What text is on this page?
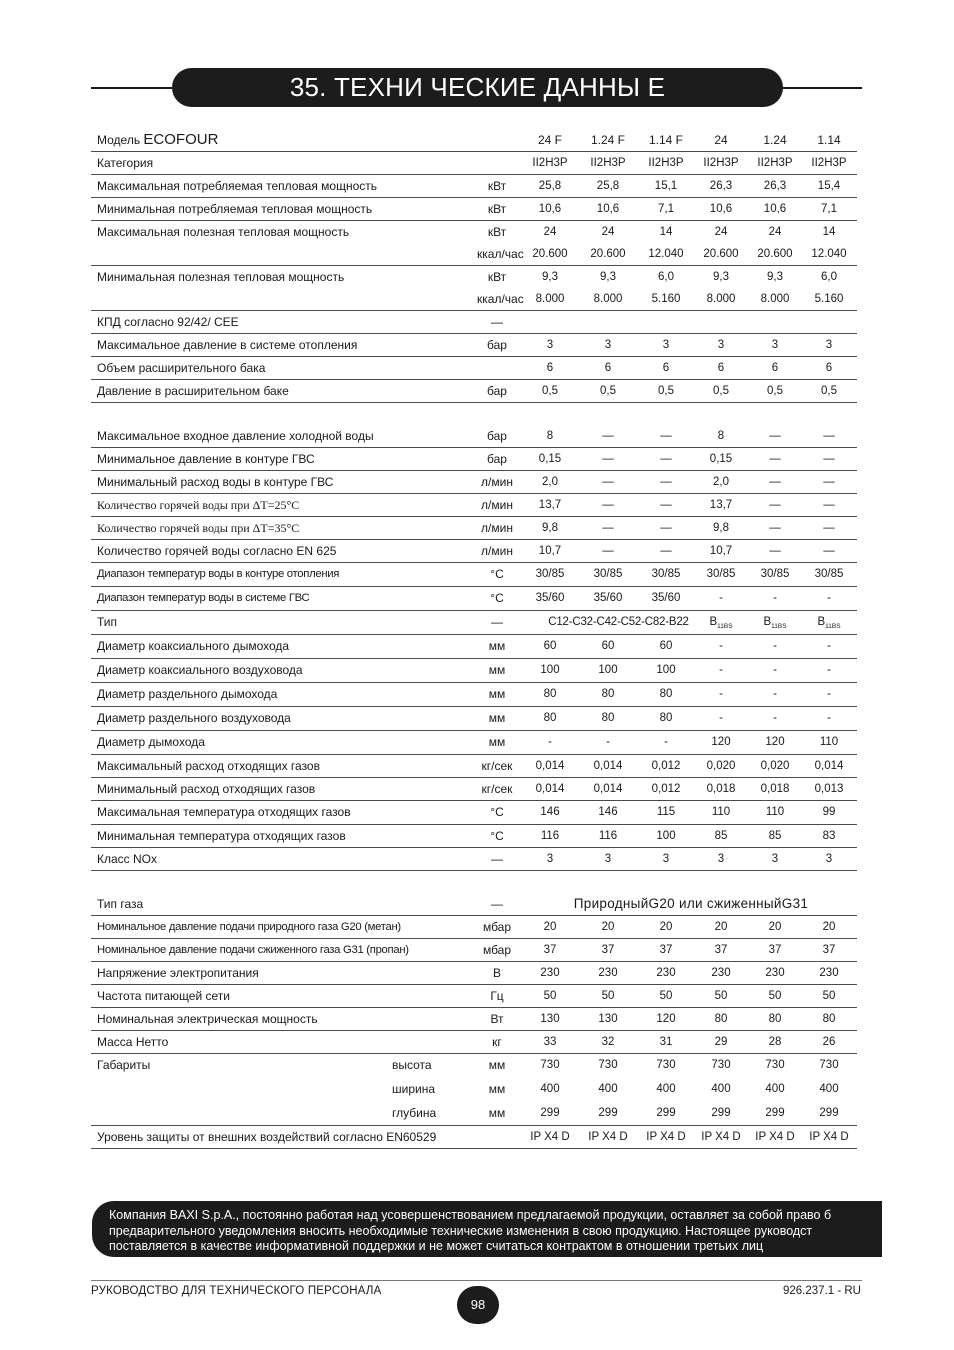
35. ТЕХНИ ЧЕСКИЕ ДАННЫ Е
Модель ECOFOUR	24 F	1.24 F	1.14 F	24	1.24	1.14
Категория	II2H3P	II2H3P	II2H3P	II2H3P	II2H3P	II2H3P
Максимальная потребляемая тепловая мощность	кВт	25,8	25,8	15,1	26,3	26,3	15,4
Минимальная потребляемая тепловая мощность	кВт	10,6	10,6	7,1	10,6	10,6	7,1
Максимальная полезная тепловая мощность	кВт	24	24	14	24	24	14
ккал/час 20.600	20.600	12.040	20.600	20.600	12.040
Минимальная полезная тепловая мощность	кВт	9,3	9,3	6,0	9,3	9,3	6,0
ккал/час	8.000	8.000	5.160	8.000	8.000	5.160
КПД согласно 92/42/ CEE	—
Максимальное давление в системе отопления	бар	3	3	3	3	3	3
Объем расширительного бака	6	6	6	6	6	6
Давление в расширительном баке	бар	0,5	0,5	0,5	0,5	0,5	0,5
Максимальное входное давление холодной воды	бар	8	—	—	8	—	—
Минимальное давление в контуре ГВС	бар	0,15	—	—	0,15	—	—
Минимальный расход воды в контуре ГВС	л/мин	2,0	—	—	2,0	—	—
Количество горячей воды при ΔT=25°C	л/мин	13,7	—	—	13,7	—	—
Количество горячей воды при ΔT=35°C	л/мин	9,8	—	—	9,8	—	—
Количество горячей воды согласно EN 625	л/мин	10,7	—	—	10,7	—	—
Диапазон температур воды в контуре отопления	°C	30/85	30/85	30/85	30/85	30/85	30/85
Диапазон температур воды в системе ГВС	°C	35/60	35/60	35/60	-	-	-
Тип	—	C12-C32-C42-C52-C82-B22	$B_{11BS}$	$B_{11BS}$	$B_{11BS}$
Диаметр коаксиального дымохода	мм	60	60	60	-	-	-
Диаметр коаксиального воздуховода	мм	100	100	100	-	-	-
Диаметр раздельного дымохода	мм	80	80	80	-	-	-
Диаметр раздельного воздуховода	мм	80	80	80	-	-	-
Диаметр дымохода	мм	-	-	-	120	120	110
Максимальный расход отходящих газов	кг/сек	0,014	0,014	0,012	0,020	0,020	0,014
Минимальный расход отходящих газов	кг/сек	0,014	0,014	0,012	0,018	0,018	0,013
Максимальная температура отходящих газов	°C	146	146	115	110	110	99
Минимальная температура отходящих газов	°C	116	116	100	85	85	83
Класс NOx	—	3	3	3	3	3	3
Тип газа	—	ПриродныйG20 или сжиженныйG31
Номинальное давление подачи природного газа G20 (метан)	мбар	20	20	20	20	20	20
Номинальное давление подачи сжиженного газа G31 (пропан)	мбар	37	37	37	37	37	37
Напряжение электропитания	В	230	230	230	230	230	230
Частота питающей сети	Гц	50	50	50	50	50	50
Номинальная электрическая мощность	Вт	130	130	120	80	80	80
Масса Нетто	кг	33	32	31	29	28	26
Габариты	высота	мм	730	730	730	730	730	730
ширина	мм	400	400	400	400	400	400
глубина	мм	299	299	299	299	299	299
Уровень защиты от внешних воздействий согласно EN60529	IP X4 D	IP X4 D	IP X4 D	IP X4 D	IP X4 D	IP X4 D

Компания BAXI S.p.A., постоянно работая над усовершенствованием предлагаемой продукции, оставляет за собой право б
предварительного уведомления вносить необходимые технические изменения в свою продукцию. Настоящее руководст
поставляется в качестве информативной поддержки и не может считаться контрактом в отношении третьих лиц

РУКОВОДСТВО ДЛЯ ТЕХНИЧЕСКОГО ПЕРСОНАЛА
98
926.237.1 - RU
